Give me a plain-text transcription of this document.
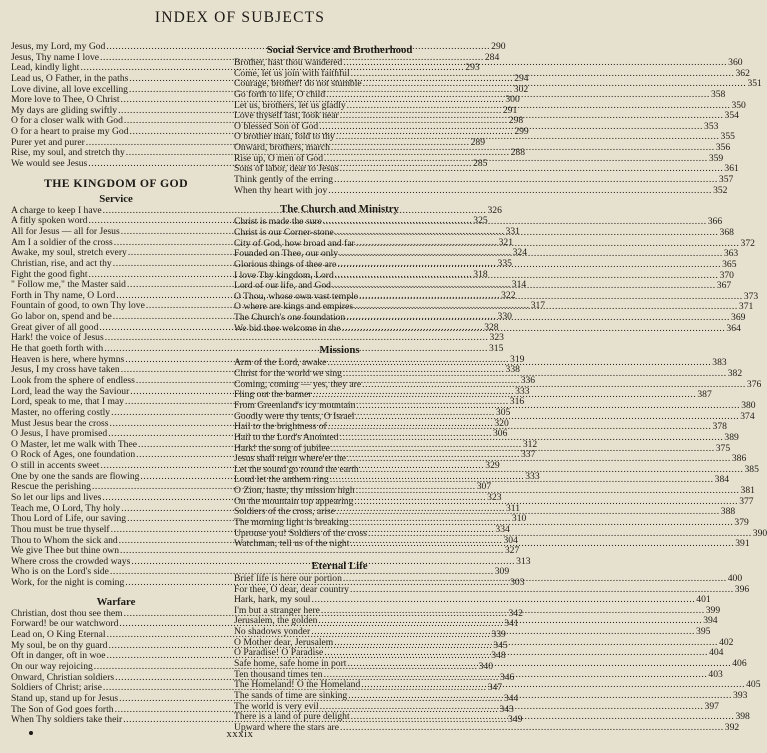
INDEX OF SUBJECTS
Jesus, my Lord, my God .....	290
Jesus, Thy name I love .....	284
Lead, kindly light .....	293
Lead us, O Father, in the paths .....	294
Love divine, all love excelling .....	302
More love to Thee, O Christ .....	300
My days are gliding swiftly .....	291
O for a closer walk with God .....	298
O for a heart to praise my God .....	299
Purer yet and purer .....	289
Rise, my soul, and stretch thy .....	288
We would see Jesus .....	285
THE KINGDOM OF GOD
Service
A charge to keep I have .....	326
A fitly spoken word .....	325
All for Jesus — all for Jesus .....	331
Am I a soldier of the cross .....	321
Awake, my soul, stretch every .....	324
Christian, rise, and act thy .....	335
Fight the good fight .....	318
" Follow me," the Master said .....	314
Forth in Thy name, O Lord .....	322
Fountain of good, to own Thy love .....	317
Go labor on, spend and be .....	330
Great giver of all good .....	328
Hark! the voice of Jesus .....	323
He that goeth forth with .....	315
Heaven is here, where hymns .....	319
Jesus, I my cross have taken .....	338
Look from the sphere of endless .....	336
Lord, lead the way the Saviour .....	333
Lord, speak to me, that I may .....	316
Master, no offering costly .....	305
Must Jesus bear the cross .....	320
O Jesus, I have promised .....	306
O Master, let me walk with Thee .....	312
O Rock of Ages, one foundation .....	337
O still in accents sweet .....	329
One by one the sands are flowing .....	333
Rescue the perishing .....	307
So let our lips and lives .....	323
Teach me, O Lord, Thy holy .....	311
Thou Lord of Life, our saving .....	310
Thou must be true thyself .....	334
Thou to Whom the sick and .....	304
We give Thee but thine own .....	327
Where cross the crowded ways .....	313
Who is on the Lord's side .....	309
Work, for the night is coming .....	303
Warfare
Christian, dost thou see them .....	342
Forward! be our watchword .....	341
Lead on, O King Eternal .....	339
My soul, be on thy guard .....	345
Oft in danger, oft in woe .....	348
On our way rejoicing .....	340
Onward, Christian soldiers .....	346
Soldiers of Christ; arise .....	347
Stand up, stand up for Jesus .....	344
The Son of God goes forth .....	343
When Thy soldiers take their .....	349
Social Service and Brotherhood
Brother, hast thou wandered .....	360
Come, let us join with faithful .....	362
Courage, brother! do not stumble .....	351
Go forth to life, O child .....	358
Let us, brothers, let us gladly .....	350
Love thyself last, look near .....	354
O blessed Son of God .....	353
O brother man, fold to thy .....	355
Onward, brothers, march .....	356
Rise up, O men of God .....	359
Sons of labor, dear to Jesus .....	361
Think gently of the erring .....	357
When thy heart with joy .....	352
The Church and Ministry
Christ is made the sure .....	366
Christ is our Corner-stone .....	368
City of God, how broad and far .....	372
Founded on Thee, our only .....	363
Glorious things of thee are .....	365
I love Thy kingdom, Lord .....	370
Lord of our life, and God .....	367
O Thou, whose own vast temple .....	373
O where are kings and empires .....	371
The Church's one foundation .....	369
We bid thee welcome in the .....	364
Missions
Arm of the Lord, awake .....	383
Christ for the world we sing .....	382
Coming, coming — yes, they are .....	376
Fling out the banner .....	387
From Greenland's icy mountain .....	380
Goodly were thy tents, O Israel .....	374
Hail to the brightness of .....	378
Hail to the Lord's Anointed .....	389
Hark! the song of jubilee .....	375
Jesus shall reign where'er the .....	386
Let the sound go round the earth .....	385
Loud let the anthem ring .....	384
O Zion, haste, thy mission high .....	381
On the mountain top appearing .....	377
Soldiers of the cross, arise .....	388
The morning light is breaking .....	379
Uprouse you! Soldiers of the cross .....	390
Watchman, tell us of the night .....	391
Eternal Life
Brief life is here our portion .....	400
For thee, O dear, dear country .....	396
Hark, hark, my soul .....	401
I'm but a stranger here .....	399
Jerusalem, the golden .....	394
No shadows yonder .....	395
O Mother dear, Jerusalem .....	402
O Paradise! O Paradise .....	404
Safe home, safe home in port .....	406
Ten thousand times ten .....	403
The Homeland! O the Homeland .....	405
The sands of time are sinking .....	393
The world is very evil .....	397
There is a land of pure delight .....	398
Upward where the stars are .....	392
xxxix
